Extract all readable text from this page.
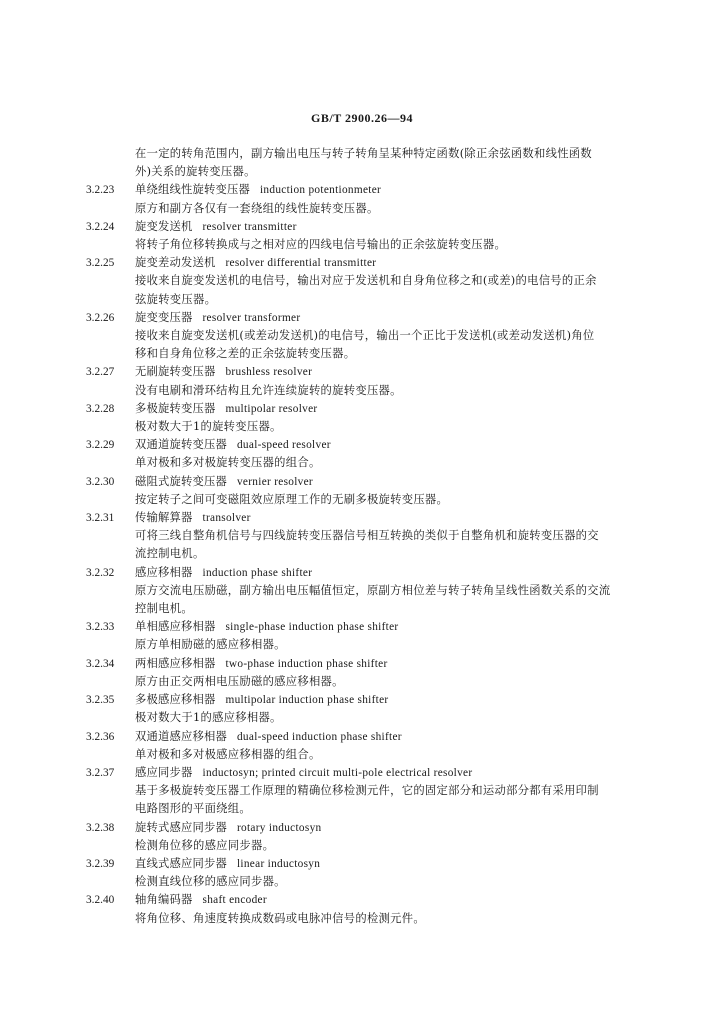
GB/T 2900.26—94
在一定的转角范围内，副方输出电压与转子转角呈某种特定函数(除正余弦函数和线性函数
外)关系的旋转变压器。
3.2.23	单绕组线性旋转变压器 induction potentionmeter
原方和副方各仅有一套绕组的线性旋转变压器。
3.2.24	旋变发送机 resolver transmitter
将转子角位移转换成与之相对应的四线电信号输出的正余弦旋转变压器。
3.2.25	旋变差动发送机 resolver differential transmitter
接收来自旋变发送机的电信号，输出对应于发送机和自身角位移之和(或差)的电信号的正余
弦旋转变压器。
3.2.26	旋变变压器 resolver transformer
接收来自旋变发送机(或差动发送机)的电信号，输出一个正比于发送机(或差动发送机)角位
移和自身角位移之差的正余弦旋转变压器。
3.2.27	无刷旋转变压器 brushless resolver
没有电刷和滑环结构且允许连续旋转的旋转变压器。
3.2.28	多极旋转变压器 multipolar resolver
极对数大于1的旋转变压器。
3.2.29	双通道旋转变压器 dual-speed resolver
单对极和多对极旋转变压器的组合。
3.2.30	磁阻式旋转变压器 vernier resolver
按定转子之间可变磁阻效应原理工作的无刷多极旋转变压器。
3.2.31	传输解算器 transolver
可将三线自整角机信号与四线旋转变压器信号相互转换的类似于自整角机和旋转变压器的交
流控制电机。
3.2.32	感应移相器 induction phase shifter
原方交流电压励磁，副方输出电压幅值恒定，原副方相位差与转子转角呈线性函数关系的交流
控制电机。
3.2.33	单相感应移相器 single-phase induction phase shifter
原方单相励磁的感应移相器。
3.2.34	两相感应移相器 two-phase induction phase shifter
原方由正交两相电压励磁的感应移相器。
3.2.35	多极感应移相器 multipolar induction phase shifter
极对数大于1的感应移相器。
3.2.36	双通道感应移相器 dual-speed induction phase shifter
单对极和多对极感应移相器的组合。
3.2.37	感应同步器 inductosyn; printed circuit multi-pole electrical resolver
基于多极旋转变压器工作原理的精确位移检测元件，它的固定部分和运动部分都有采用印制
电路图形的平面绕组。
3.2.38	旋转式感应同步器 rotary inductosyn
检测角位移的感应同步器。
3.2.39	直线式感应同步器 linear inductosyn
检测直线位移的感应同步器。
3.2.40	轴角编码器 shaft encoder
将角位移、角速度转换成数码或电脉冲信号的检测元件。
